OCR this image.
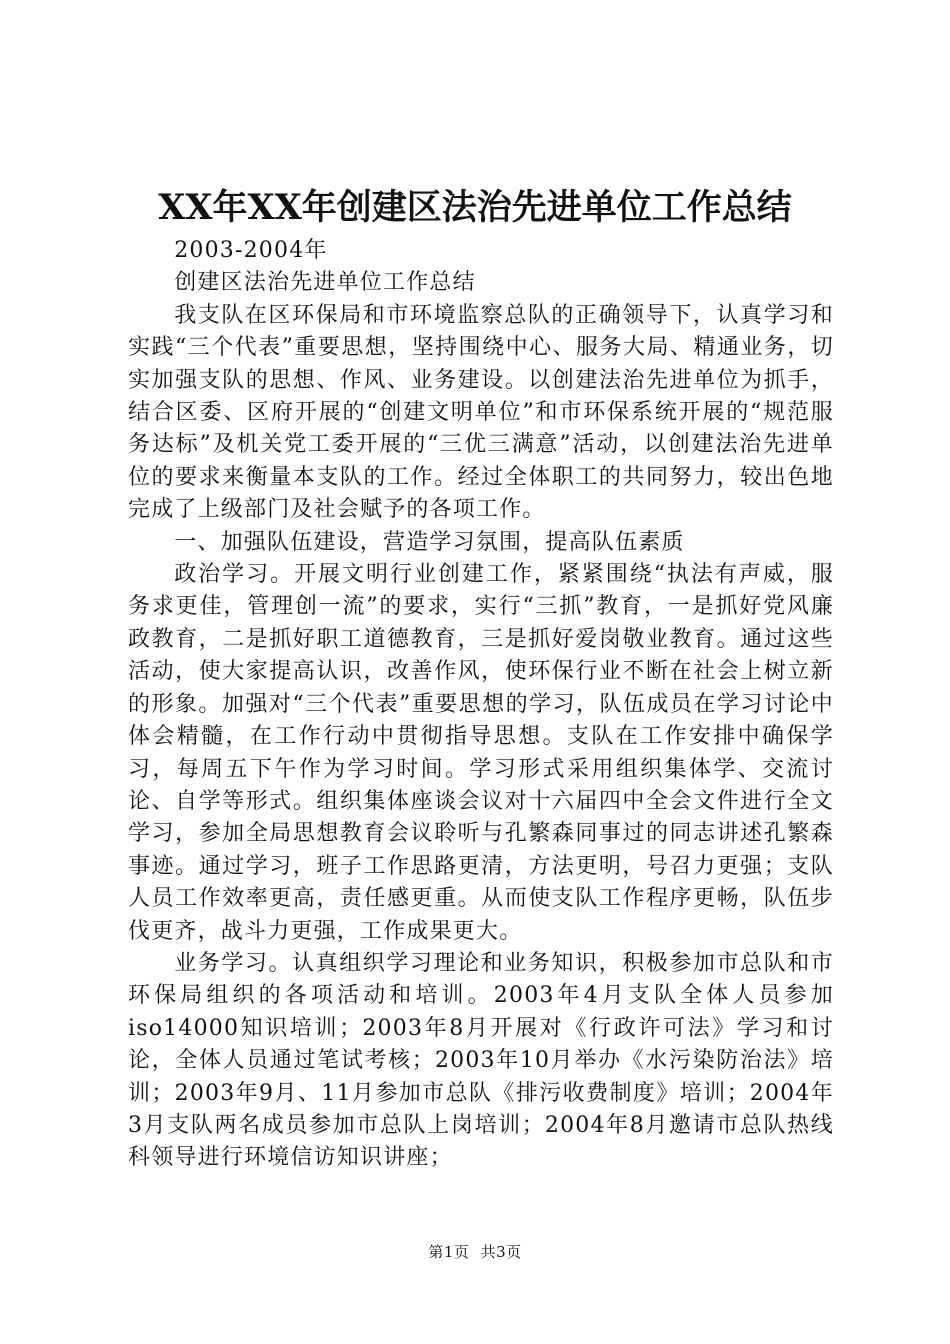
XX年XX年创建区法治先进单位工作总结

2003-2004年

创建区法治先进单位工作总结

我支队在区环保局和市环境监察总队的正确领导下，认真学习和实践“三个代表”重要思想，坚持围绕中心、服务大局、精通业务，切实加强支队的思想、作风、业务建设。以创建法治先进单位为抓手，结合区委、区府开展的“创建文明单位”和市环保系统开展的“规范服务达标”及机关党工委开展的“三优三满意”活动，以创建法治先进单位的要求来衡量本支队的工作。经过全体职工的共同努力，较出色地完成了上级部门及社会赋予的各项工作。

一、加强队伍建设，营造学习氛围，提高队伍素质

政治学习。开展文明行业创建工作，紧紧围绕“执法有声威，服务求更佳，管理创一流”的要求，实行“三抓”教育，一是抓好党风廉政教育，二是抓好职工道德教育，三是抓好爱岗敬业教育。通过这些活动，使大家提高认识，改善作风，使环保行业不断在社会上树立新的形象。加强对“三个代表”重要思想的学习，队伍成员在学习讨论中体会精髓，在工作行动中贯彻指导思想。支队在工作安排中确保学习，每周五下午作为学习时间。学习形式采用组织集体学、交流讨论、自学等形式。组织集体座谈会议对十六届四中全会文件进行全文学习，参加全局思想教育会议聆听与孔繁森同事过的同志讲述孔繁森事迹。通过学习，班子工作思路更清，方法更明，号召力更强；支队人员工作效率更高，责任感更重。从而使支队工作程序更畅，队伍步伐更齐，战斗力更强，工作成果更大。

业务学习。认真组织学习理论和业务知识，积极参加市总队和市环保局组织的各项活动和培训。2003年4月支队全体人员参加iso14000知识培训；2003年8月开展对《行政许可法》学习和讨论，全体人员通过笔试考核；2003年10月举办《水污染防治法》培训；2003年9月、11月参加市总队《排污收费制度》培训；2004年3月支队两名成员参加市总队上岗培训；2004年8月邀请市总队热线科领导进行环境信访知识讲座；

第1页 共3页
